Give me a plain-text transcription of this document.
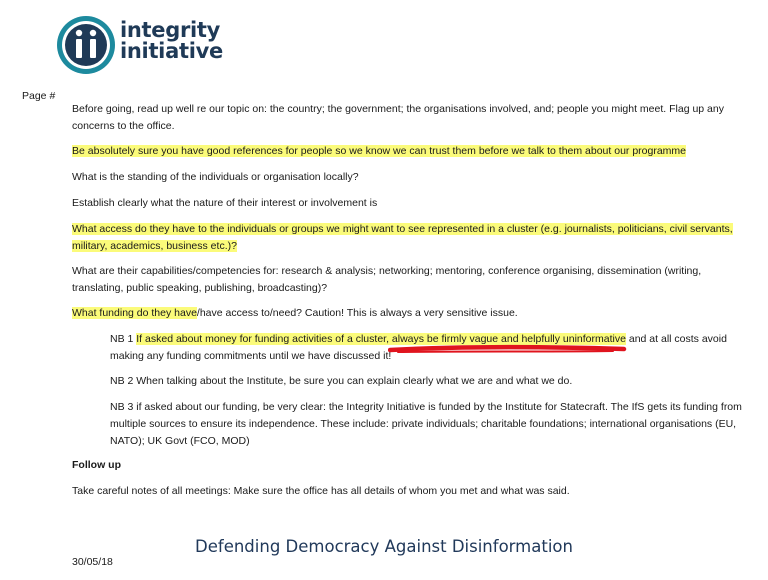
integrity
initiative
Page #
Before going, read up well re our topic on: the country; the government; the organisations involved, and; people you might meet. Flag up any
concerns to the office.
Be absolutely sure you have good references for people so we know we can trust them before we talk to them about our programme
What is the standing of the individuals or organisation locally?
Establish clearly what the nature of their interest or involvement is
What access do they have to the individuals or groups we might want to see represented in a cluster (e.g. journalists, politicians, civil servants,
military, academics, business etc.)?
What are their capabilities/competencies for: research & analysis; networking; mentoring, conference organising, dissemination (writing,
translating, public speaking, publishing, broadcasting)?
What funding do they have/have access to/need? Caution! This is always a very sensitive issue.
NB 1 If asked about money for funding activities of a cluster, always be firmly vague and helpfully uninformative and at all costs avoid
making any funding commitments until we have discussed it!
NB 2 When talking about the Institute, be sure you can explain clearly what we are and what we do.
NB 3 if asked about our funding, be very clear: the Integrity Initiative is funded by the Institute for Statecraft. The IfS gets its funding from
multiple sources to ensure its independence. These include: private individuals; charitable foundations; international organisations (EU,
NATO); UK Govt (FCO, MOD)
Follow up
Take careful notes of all meetings: Make sure the office has all details of whom you met and what was said.
Defending Democracy Against Disinformation
30/05/18
